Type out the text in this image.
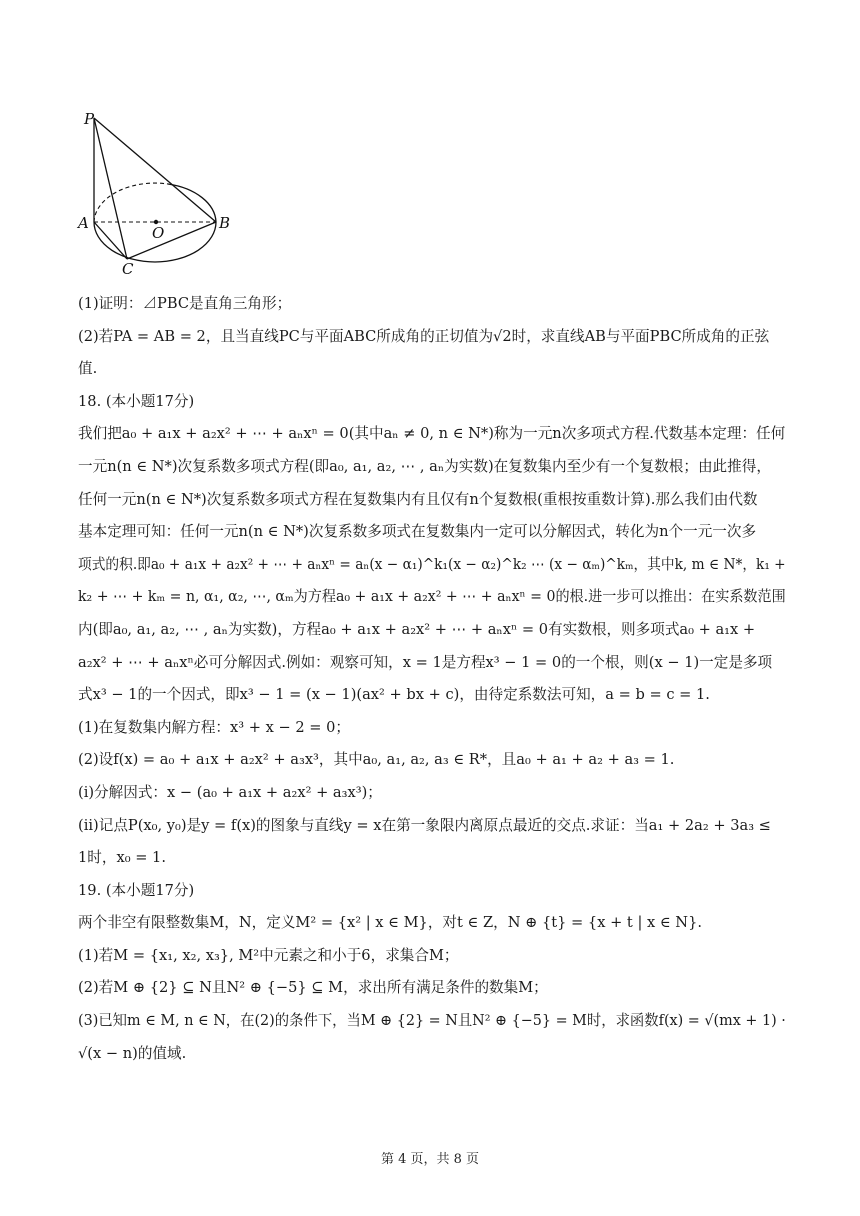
P
A
O
B
C
(1)证明：⊿PBC是直角三角形；
(2)若PA = AB = 2，且当直线PC与平面ABC所成角的正切值为√2时，求直线AB与平面PBC所成角的正弦
值.
18. (本小题17分)
我们把a₀ + a₁x + a₂x² + ⋯ + aₙxⁿ = 0(其中aₙ ≠ 0, n ∈ N*)称为一元n次多项式方程.代数基本定理：任何
一元n(n ∈ N*)次复系数多项式方程(即a₀, a₁, a₂, ⋯ , aₙ为实数)在复数集内至少有一个复数根；由此推得，
任何一元n(n ∈ N*)次复系数多项式方程在复数集内有且仅有n个复数根(重根按重数计算).那么我们由代数
基本定理可知：任何一元n(n ∈ N*)次复系数多项式在复数集内一定可以分解因式，转化为n个一元一次多
项式的积.即a₀ + a₁x + a₂x² + ⋯ + aₙxⁿ = aₙ(x − α₁)^k₁(x − α₂)^k₂ ⋯ (x − αₘ)^kₘ，其中k, m ∈ N*，k₁ +
k₂ + ⋯ + kₘ = n, α₁, α₂, ⋯, αₘ为方程a₀ + a₁x + a₂x² + ⋯ + aₙxⁿ = 0的根.进一步可以推出：在实系数范围
内(即a₀, a₁, a₂, ⋯ , aₙ为实数)，方程a₀ + a₁x + a₂x² + ⋯ + aₙxⁿ = 0有实数根，则多项式a₀ + a₁x +
a₂x² + ⋯ + aₙxⁿ必可分解因式.例如：观察可知，x = 1是方程x³ − 1 = 0的一个根，则(x − 1)一定是多项
式x³ − 1的一个因式，即x³ − 1 = (x − 1)(ax² + bx + c)，由待定系数法可知，a = b = c = 1.
(1)在复数集内解方程：x³ + x − 2 = 0；
(2)设f(x) = a₀ + a₁x + a₂x² + a₃x³，其中a₀, a₁, a₂, a₃ ∈ R*，且a₀ + a₁ + a₂ + a₃ = 1.
(i)分解因式：x − (a₀ + a₁x + a₂x² + a₃x³)；
(ii)记点P(x₀, y₀)是y = f(x)的图象与直线y = x在第一象限内离原点最近的交点.求证：当a₁ + 2a₂ + 3a₃ ≤
1时，x₀ = 1.
19. (本小题17分)
两个非空有限整数集M，N，定义M² = {x² | x ∈ M}，对t ∈ Z，N ⊕ {t} = {x + t | x ∈ N}.
(1)若M = {x₁, x₂, x₃}, M²中元素之和小于6，求集合M；
(2)若M ⊕ {2} ⊆ N且N² ⊕ {−5} ⊆ M，求出所有满足条件的数集M；
(3)已知m ∈ M, n ∈ N，在(2)的条件下，当M ⊕ {2} = N且N² ⊕ {−5} = M时，求函数f(x) = √(mx + 1) ·
√(x − n)的值域.
第 4 页，共 8 页
